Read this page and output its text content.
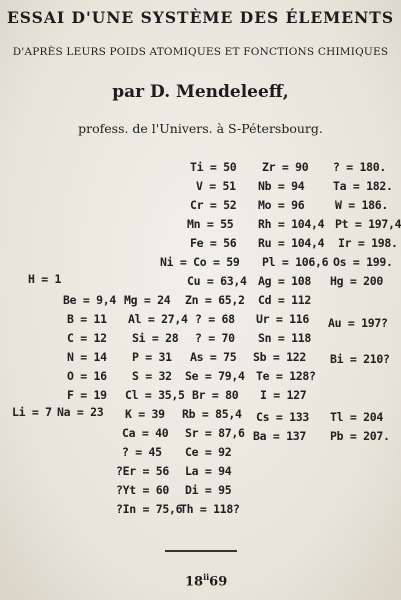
ESSAI D'UNE SYSTÈME DES ÉLEMENTS
D'APRÈS LEURS POIDS ATOMIQUES ET FONCTIONS CHIMIQUES
par D. Mendeleeff,
profess. de l'Univers. à S-Pétersbourg.
Ti = 50 Zr = 90 ? = 180.
V = 51 Nb = 94 Ta = 182.
Cr = 52 Mo = 96	W = 186.
Mn = 55 Rh = 104,4 Pt = 197,4
Fe = 56 Ru = 104,4 Ir = 198.
Ni = Co = 59 Pl = 106,6 Os = 199.
H = 1	Cu = 63,4 Ag = 108 Hg = 200
Be = 9,4 Mg = 24 Zn = 65,2 Cd = 112
B = 11 Al = 27,4 ? = 68 Ur = 116 Au = 197?
C = 12 Si = 28 ? = 70 Sn = 118
N = 14 P = 31 As = 75 Sb = 122 Bi = 210?
O = 16 S = 32 Se = 79,4 Te = 128?
F = 19 Cl = 35,5 Br = 80 I = 127
Li = 7 Na = 23 K = 39 Rb = 85,4 Cs = 133 Tl = 204
Ca = 40 Sr = 87,6 Ba = 137 Pb = 207.
? = 45 Ce = 92
?Er = 56 La = 94
?Yt = 60 Di = 95
?In = 75,6
Th = 118?
18$^{ii}$69
